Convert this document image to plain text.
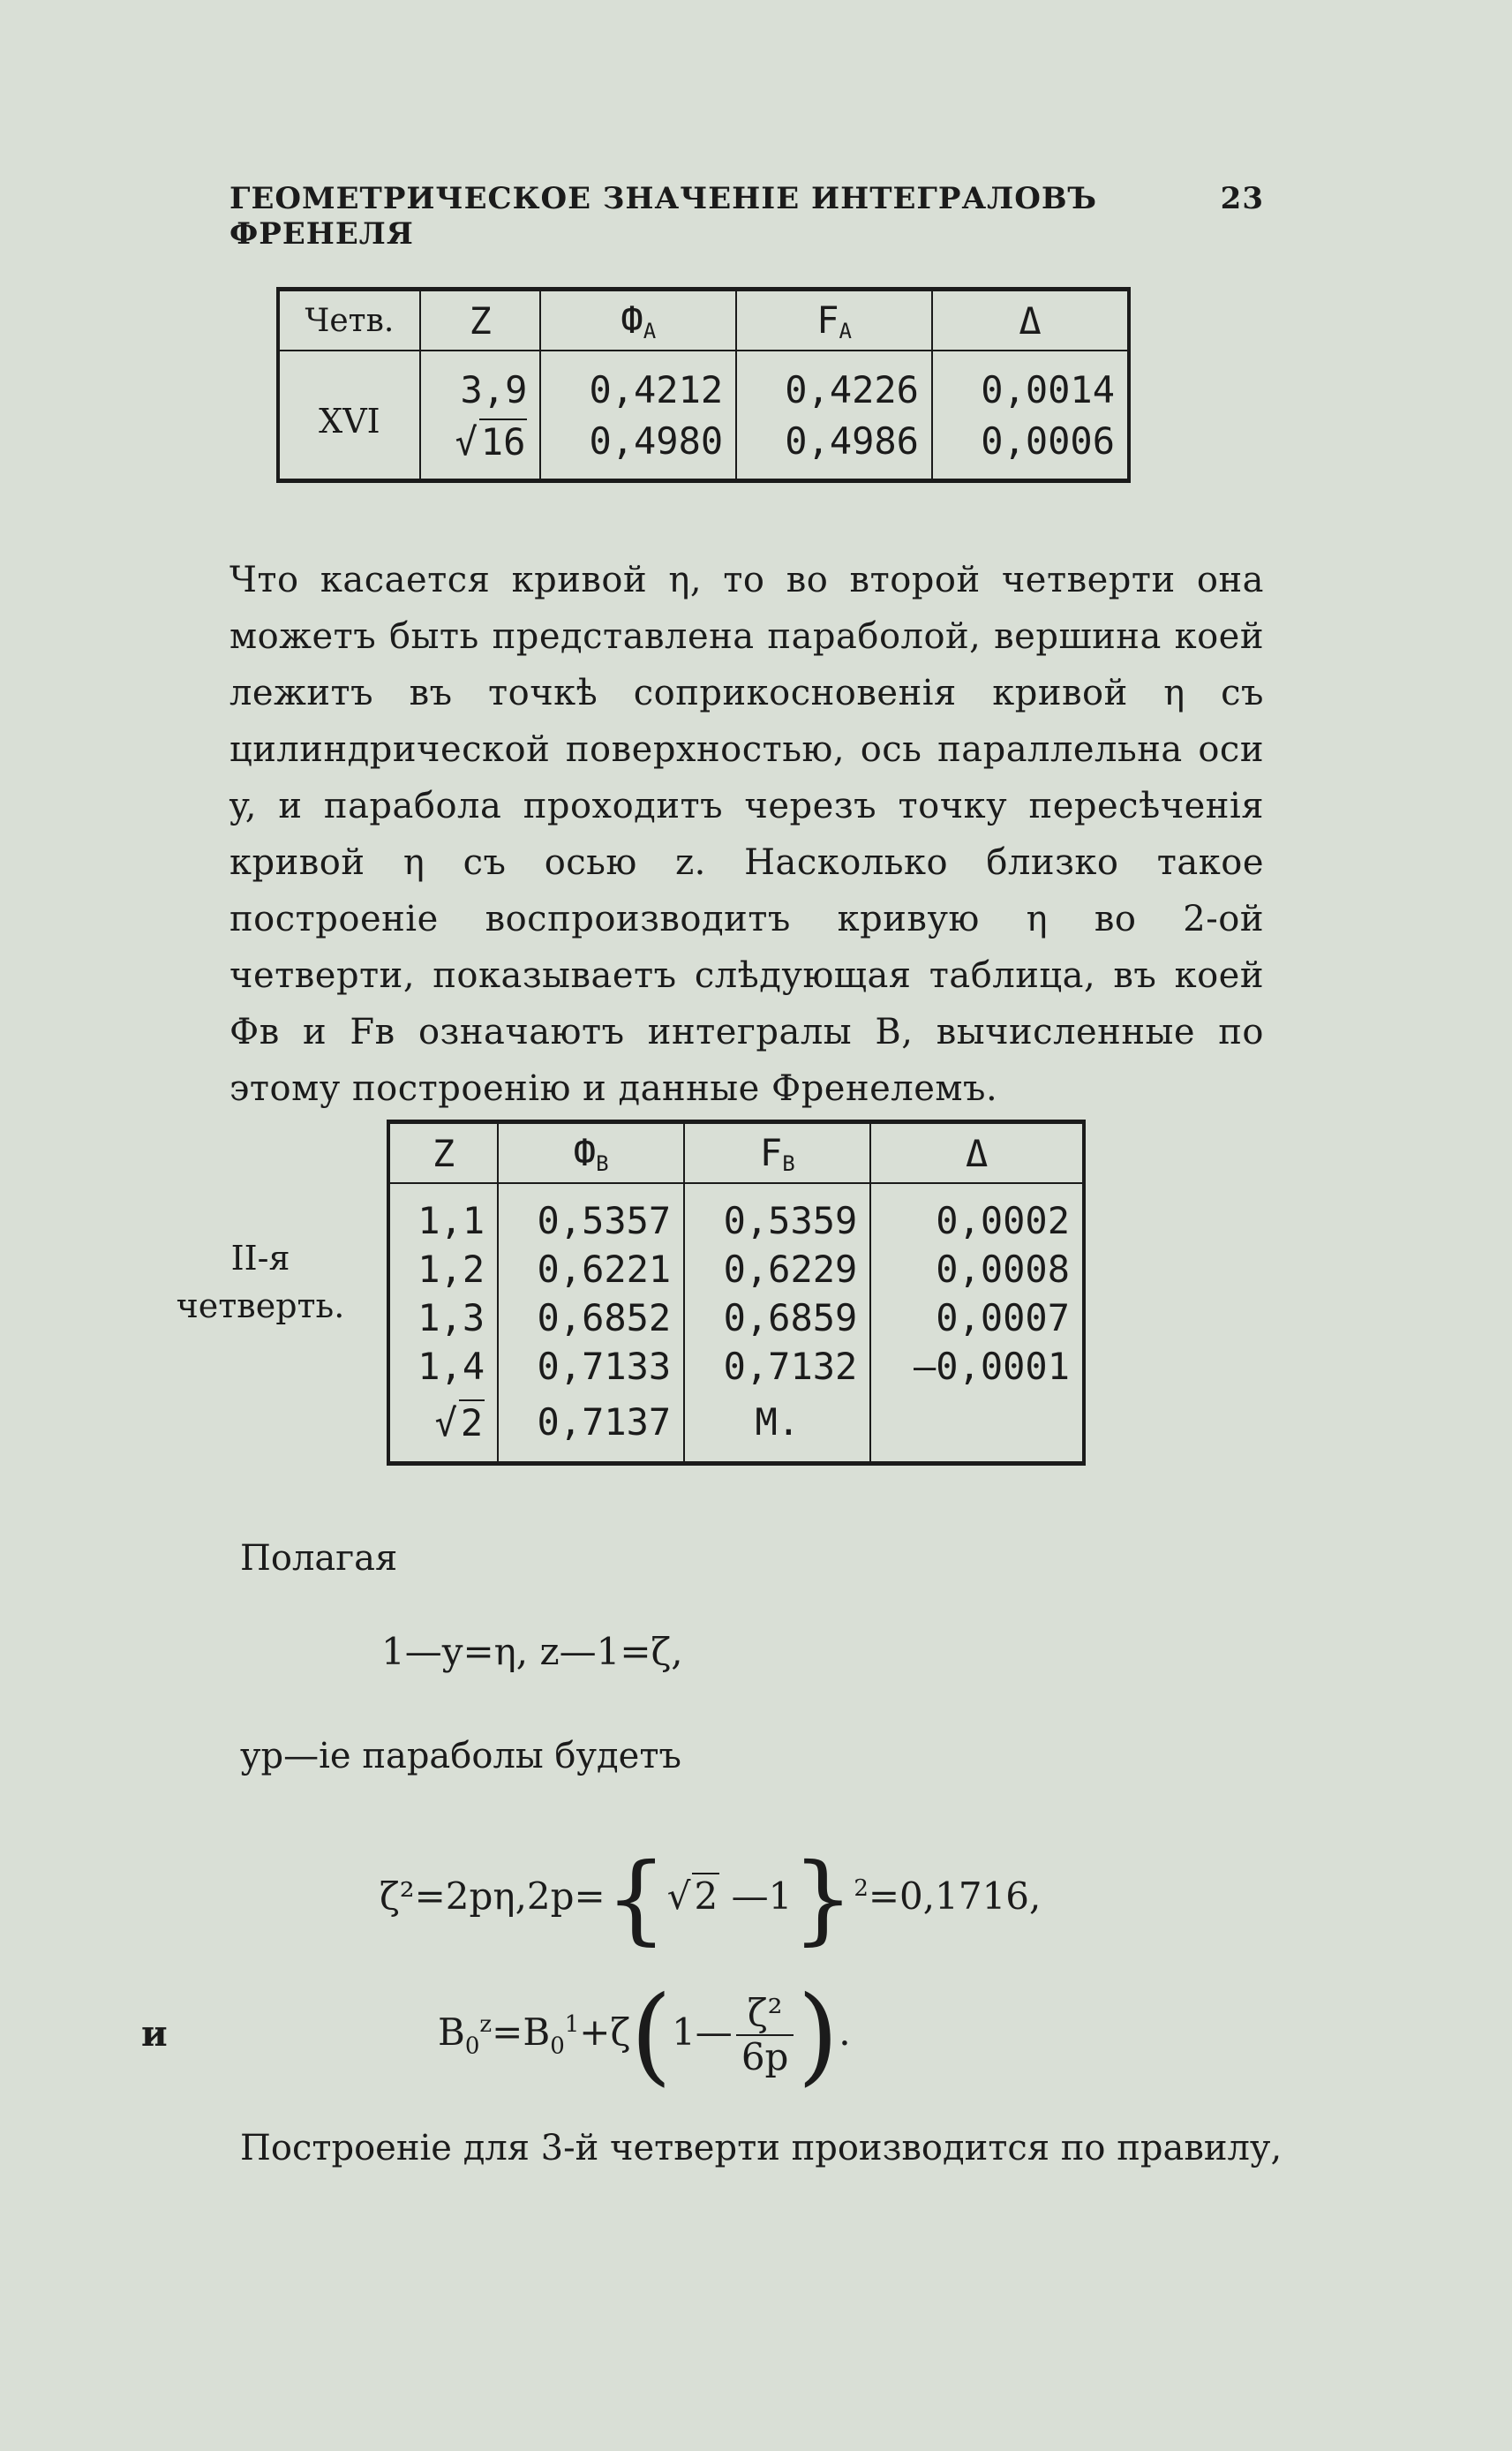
ГЕОМЕТРИЧЕСКОЕ ЗНАЧЕНІЕ ИНТЕГРАЛОВЪ ФРЕНЕЛЯ
23
Четв.	Z	$Ф_A$	$F_A$	Δ
XVI	3,9	0,4212	0,4226	0,0014
	√16	0,4980	0,4986	0,0006

Что касается кривой η, то во второй четверти она можетъ быть представлена параболой, вершина коей лежитъ въ точкѣ соприкосновенія кривой η съ цилиндрической поверхностью, ось параллельна оси y, и парабола проходитъ черезъ точку пересѣченія кривой η съ осью z. Насколько близко такое построеніе воспроизводитъ кривую η во 2-ой четверти, показываетъ слѣдующая таблица, въ коей Фв и Fв означаютъ интегралы B, вычисленные по этому построенію и данные Френелемъ.

II-я
четверть.
Z	$Ф_B$	$F_B$	Δ
1,1	0,5357	0,5359	0,0002
1,2	0,6221	0,6229	0,0008
1,3	0,6852	0,6859	0,0007
1,4	0,7133	0,7132	—0,0001
√2	0,7137	M.	
Полагая
1—y=η, z—1=ζ,
ур—іе параболы будетъ
ζ²=2pη,2p={√2 —1}$^2$=0,1716,
и	$B_0^z=B_0^1+\zeta(1— \frac{\text{ζ²}}{6p}$ ).
Построеніе для 3-й четверти производится по правилу,
